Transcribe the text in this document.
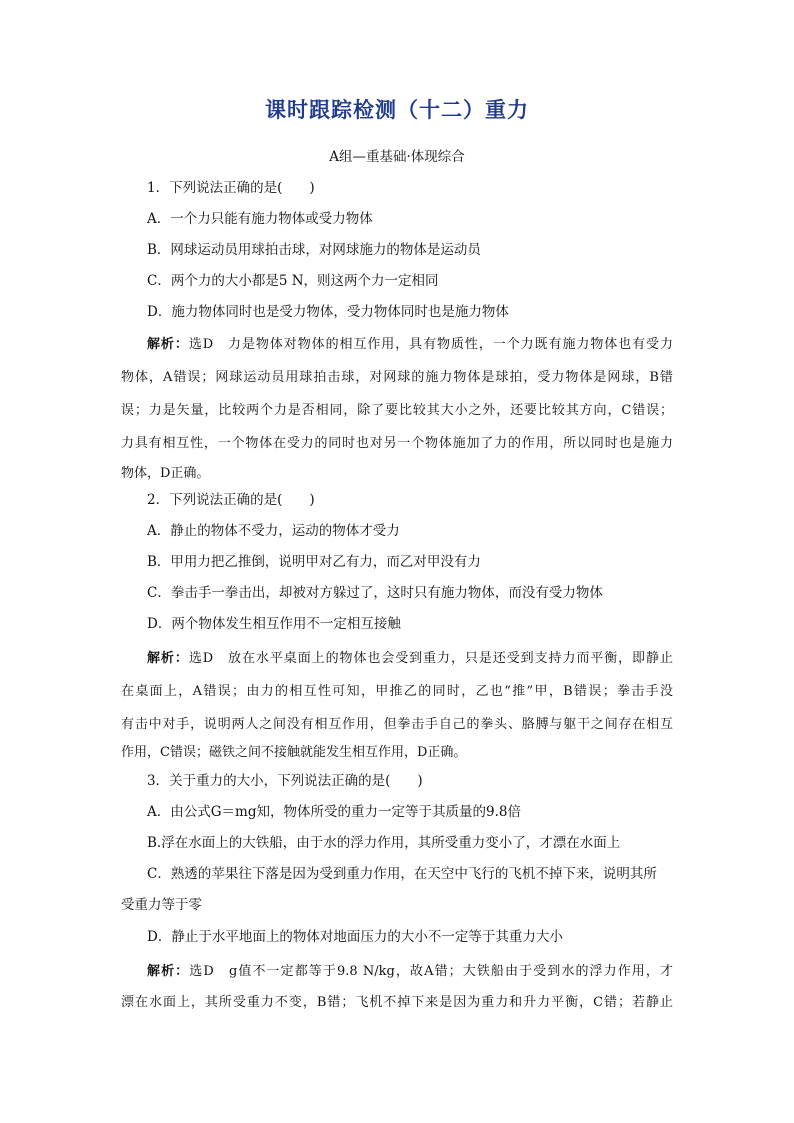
课时跟踪检测（十二）重力
A组—重基础·体现综合
1．下列说法正确的是(　　)
A．一个力只能有施力物体或受力物体
B．网球运动员用球拍击球，对网球施力的物体是运动员
C．两个力的大小都是5 N，则这两个力一定相同
D．施力物体同时也是受力物体，受力物体同时也是施力物体
解析：选D　力是物体对物体的相互作用，具有物质性，一个力既有施力物体也有受力
物体，A错误；网球运动员用球拍击球，对网球的施力物体是球拍，受力物体是网球，B错
误；力是矢量，比较两个力是否相同，除了要比较其大小之外，还要比较其方向，C错误；
力具有相互性，一个物体在受力的同时也对另一个物体施加了力的作用，所以同时也是施力
物体，D正确。
2．下列说法正确的是(　　)
A．静止的物体不受力，运动的物体才受力
B．甲用力把乙推倒，说明甲对乙有力，而乙对甲没有力
C．拳击手一拳击出，却被对方躲过了，这时只有施力物体，而没有受力物体
D．两个物体发生相互作用不一定相互接触
解析：选D　放在水平桌面上的物体也会受到重力，只是还受到支持力而平衡，即静止
在桌面上，A错误；由力的相互性可知，甲推乙的同时，乙也“推”甲，B错误；拳击手没
有击中对手，说明两人之间没有相互作用，但拳击手自己的拳头、胳膊与躯干之间存在相互
作用，C错误；磁铁之间不接触就能发生相互作用，D正确。
3．关于重力的大小，下列说法正确的是(　　)
A．由公式G＝mg知，物体所受的重力一定等于其质量的9.8倍
B.浮在水面上的大铁船，由于水的浮力作用，其所受重力变小了，才漂在水面上
C．熟透的苹果往下落是因为受到重力作用，在天空中飞行的飞机不掉下来，说明其所
受重力等于零
D．静止于水平地面上的物体对地面压力的大小不一定等于其重力大小
解析：选D　g值不一定都等于9.8 N/kg，故A错；大铁船由于受到水的浮力作用，才
漂在水面上，其所受重力不变，B错；飞机不掉下来是因为重力和升力平衡，C错；若静止
